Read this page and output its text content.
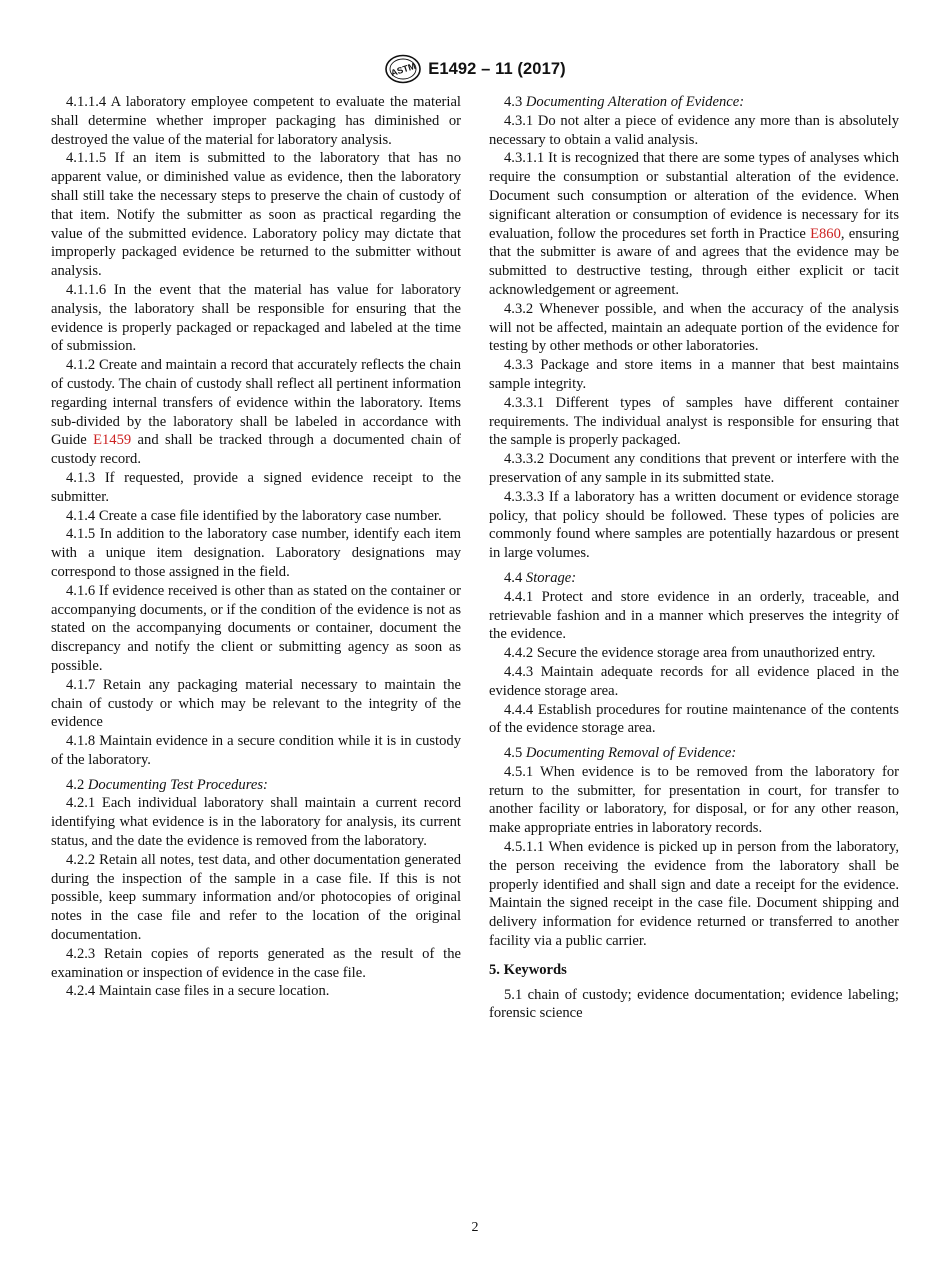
ASTM E1492 – 11 (2017)

4.1.1.4 A laboratory employee competent to evaluate the material shall determine whether improper packaging has diminished or destroyed the value of the material for laboratory analysis.

4.1.1.5 If an item is submitted to the laboratory that has no apparent value, or diminished value as evidence, then the laboratory shall still take the necessary steps to preserve the chain of custody of that item. Notify the submitter as soon as practical regarding the value of the submitted evidence. Laboratory policy may dictate that improperly packaged evidence be returned to the submitter without analysis.

4.1.1.6 In the event that the material has value for laboratory analysis, the laboratory shall be responsible for ensuring that the evidence is properly packaged or repackaged and labeled at the time of submission.

4.1.2 Create and maintain a record that accurately reflects the chain of custody. The chain of custody shall reflect all pertinent information regarding internal transfers of evidence within the laboratory. Items sub-divided by the laboratory shall be labeled in accordance with Guide E1459 and shall be tracked through a documented chain of custody record.

4.1.3 If requested, provide a signed evidence receipt to the submitter.

4.1.4 Create a case file identified by the laboratory case number.

4.1.5 In addition to the laboratory case number, identify each item with a unique item designation. Laboratory designations may correspond to those assigned in the field.

4.1.6 If evidence received is other than as stated on the container or accompanying documents, or if the condition of the evidence is not as stated on the accompanying documents or container, document the discrepancy and notify the client or submitting agency as soon as possible.

4.1.7 Retain any packaging material necessary to maintain the chain of custody or which may be relevant to the integrity of the evidence

4.1.8 Maintain evidence in a secure condition while it is in custody of the laboratory.

4.2 Documenting Test Procedures:

4.2.1 Each individual laboratory shall maintain a current record identifying what evidence is in the laboratory for analysis, its current status, and the date the evidence is removed from the laboratory.

4.2.2 Retain all notes, test data, and other documentation generated during the inspection of the sample in a case file. If this is not possible, keep summary information and/or photocopies of original notes in the case file and refer to the location of the original documentation.

4.2.3 Retain copies of reports generated as the result of the examination or inspection of evidence in the case file.

4.2.4 Maintain case files in a secure location.

4.3 Documenting Alteration of Evidence:

4.3.1 Do not alter a piece of evidence any more than is absolutely necessary to obtain a valid analysis.

4.3.1.1 It is recognized that there are some types of analyses which require the consumption or substantial alteration of the evidence. Document such consumption or alteration of the evidence. When significant alteration or consumption of evidence is necessary for its evaluation, follow the procedures set forth in Practice E860, ensuring that the submitter is aware of and agrees that the evidence may be submitted to destructive testing, through either explicit or tacit acknowledgement or agreement.

4.3.2 Whenever possible, and when the accuracy of the analysis will not be affected, maintain an adequate portion of the evidence for testing by other methods or other laboratories.

4.3.3 Package and store items in a manner that best maintains sample integrity.

4.3.3.1 Different types of samples have different container requirements. The individual analyst is responsible for ensuring that the sample is properly packaged.

4.3.3.2 Document any conditions that prevent or interfere with the preservation of any sample in its submitted state.

4.3.3.3 If a laboratory has a written document or evidence storage policy, that policy should be followed. These types of policies are commonly found where samples are potentially hazardous or present in large volumes.

4.4 Storage:

4.4.1 Protect and store evidence in an orderly, traceable, and retrievable fashion and in a manner which preserves the integrity of the evidence.

4.4.2 Secure the evidence storage area from unauthorized entry.

4.4.3 Maintain adequate records for all evidence placed in the evidence storage area.

4.4.4 Establish procedures for routine maintenance of the contents of the evidence storage area.

4.5 Documenting Removal of Evidence:

4.5.1 When evidence is to be removed from the laboratory for return to the submitter, for presentation in court, for transfer to another facility or laboratory, for disposal, or for any other reason, make appropriate entries in laboratory records.

4.5.1.1 When evidence is picked up in person from the laboratory, the person receiving the evidence from the laboratory shall be properly identified and shall sign and date a receipt for the evidence. Maintain the signed receipt in the case file. Document shipping and delivery information for evidence returned or transferred to another facility via a public carrier.

5. Keywords

5.1 chain of custody; evidence documentation; evidence labeling; forensic science

2
